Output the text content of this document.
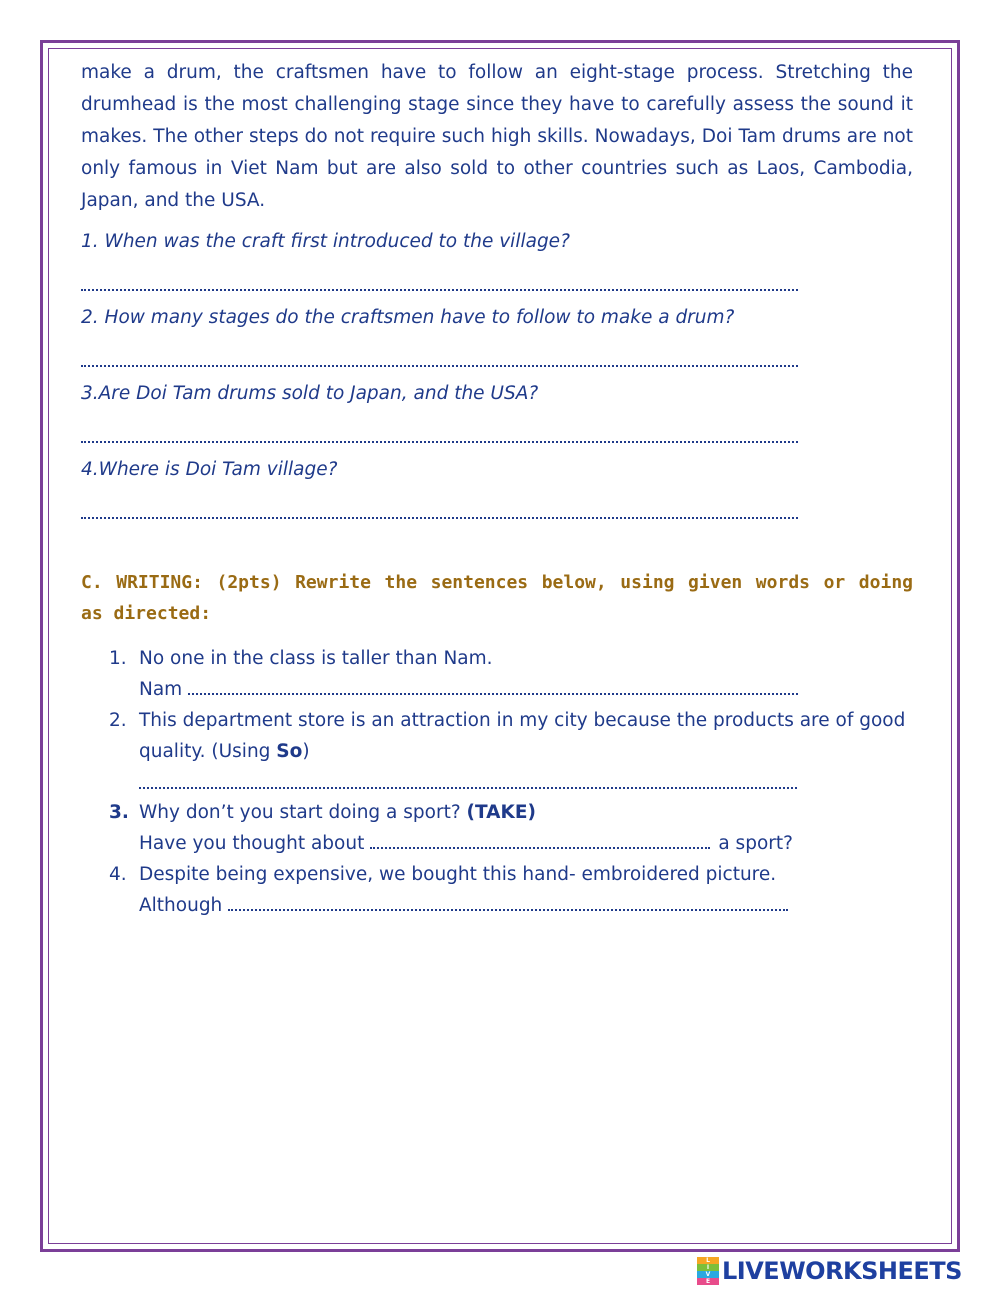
make a drum, the craftsmen have to follow an eight-stage process. Stretching the drumhead is the most challenging stage since they have to carefully assess the sound it makes. The other steps do not require such high skills. Nowadays, Doi Tam drums are not only famous in Viet Nam but are also sold to other countries such as Laos, Cambodia, Japan, and the USA.

1. When was the craft first introduced to the village?
2. How many stages do the craftsmen have to follow to make a drum?
3.Are Doi Tam drums sold to Japan, and the USA?
4.Where is Doi Tam village?
C. WRITING: (2pts) Rewrite the sentences below, using given words or doing as directed:
1. No one in the class is taller than Nam.
Nam
2. This department store is an attraction in my city because the products are of good quality. (Using So)
3. Why don’t you start doing a sport? (TAKE)
Have you thought about	a sport?
4. Despite being expensive, we bought this hand- embroidered picture.
Although
L
I
V
E LIVEWORKSHEETS
